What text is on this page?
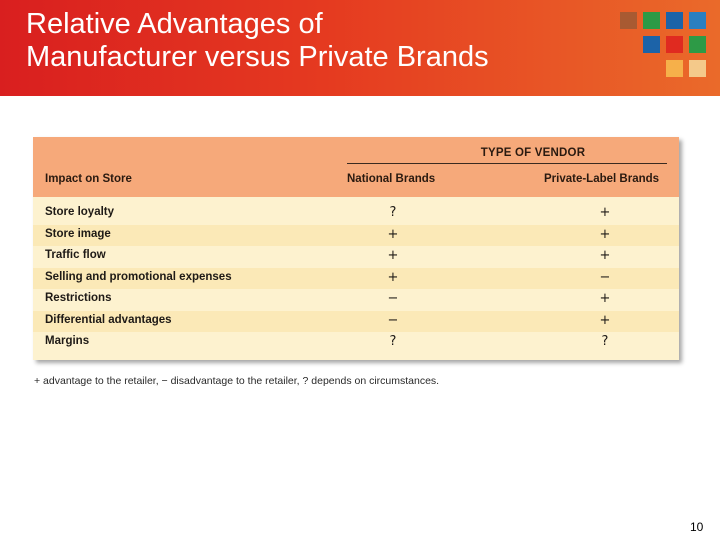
Relative Advantages of
Manufacturer versus Private Brands
TYPE OF VENDOR
Impact on Store	National Brands	Private-Label Brands
Store loyalty	?	+
Store image	+	+
Traffic flow	+	+
Selling and promotional expenses	+	−
Restrictions	−	+
Differential advantages	−	+
Margins	?	?
+ advantage to the retailer, − disadvantage to the retailer, ? depends on circumstances.
10
